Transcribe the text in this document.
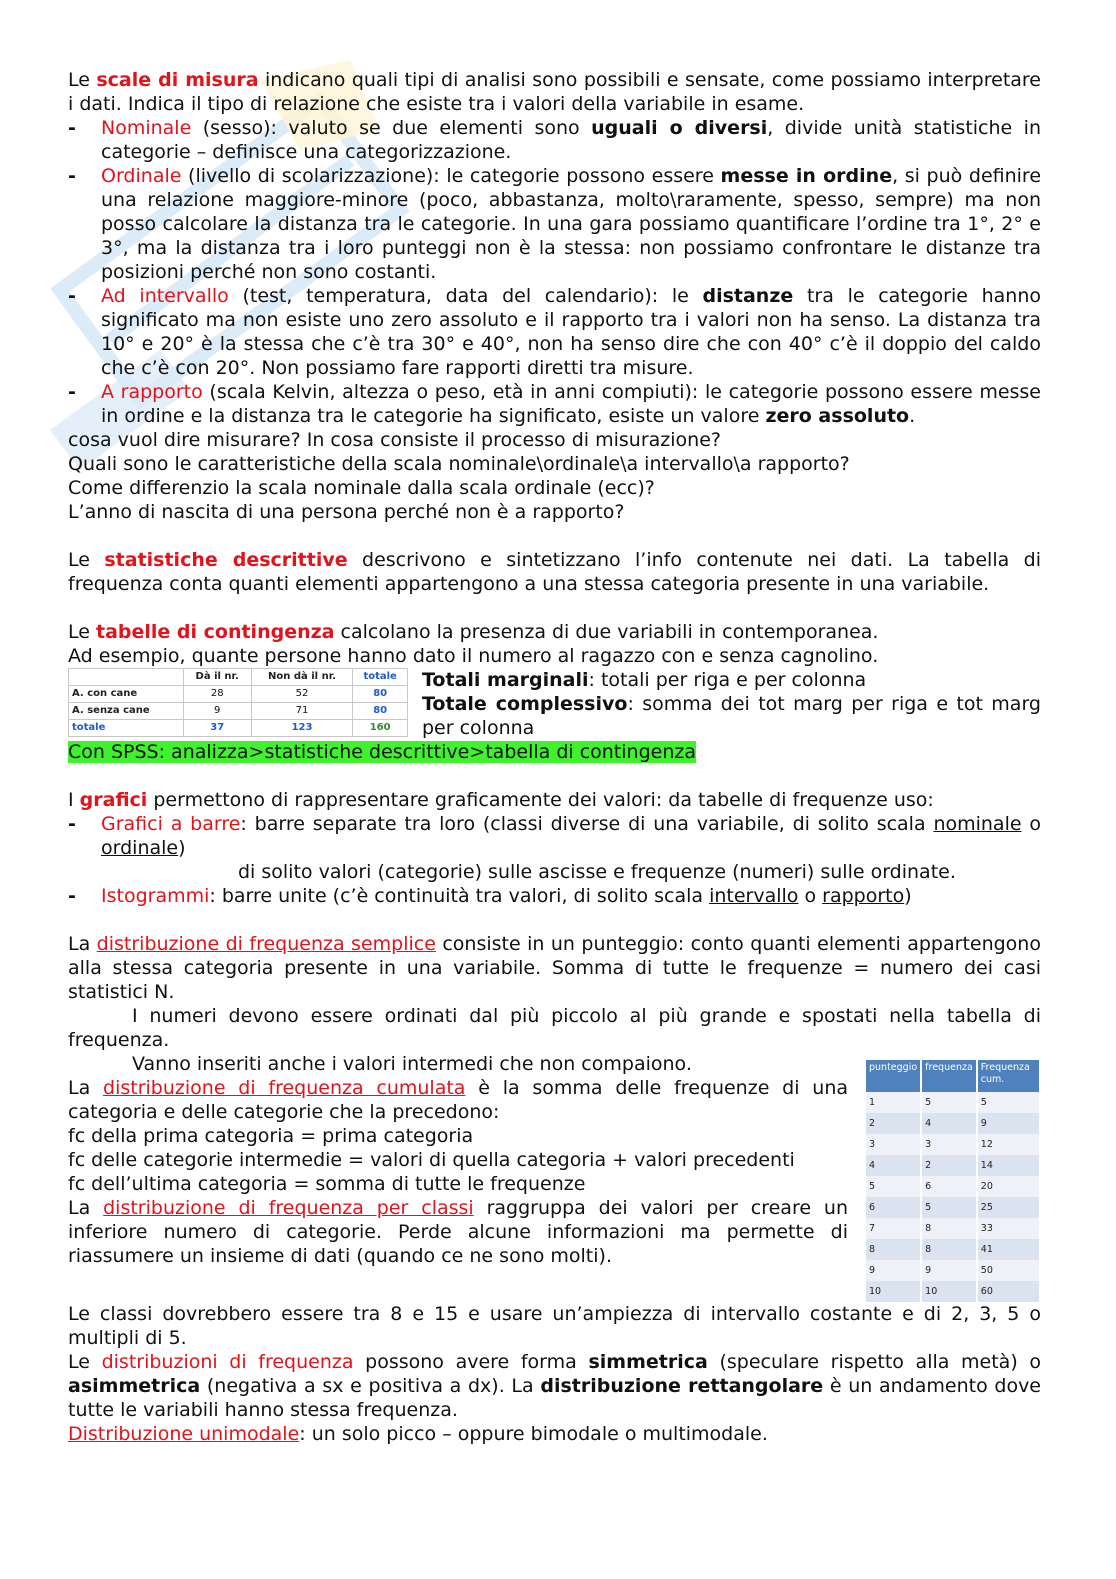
Le scale di misura indicano quali tipi di analisi sono possibili e sensate, come possiamo interpretare i dati. Indica il tipo di relazione che esiste tra i valori della variabile in esame.

-	Nominale (sesso): valuto se due elementi sono uguali o diversi, divide unità statistiche in categorie – definisce una categorizzazione.

-	Ordinale (livello di scolarizzazione): le categorie possono essere messe in ordine, si può definire una relazione maggiore-minore (poco, abbastanza, molto\raramente, spesso, sempre) ma non posso calcolare la distanza tra le categorie. In una gara possiamo quantificare l’ordine tra 1°, 2° e 3°, ma la distanza tra i loro punteggi non è la stessa: non possiamo confrontare le distanze tra posizioni perché non sono costanti.

-	Ad intervallo (test, temperatura, data del calendario): le distanze tra le categorie hanno significato ma non esiste uno zero assoluto e il rapporto tra i valori non ha senso. La distanza tra 10° e 20° è la stessa che c’è tra 30° e 40°, non ha senso dire che con 40° c’è il doppio del caldo che c’è con 20°. Non possiamo fare rapporti diretti tra misure.

-	A rapporto (scala Kelvin, altezza o peso, età in anni compiuti): le categorie possono essere messe in ordine e la distanza tra le categorie ha significato, esiste un valore zero assoluto.

cosa vuol dire misurare? In cosa consiste il processo di misurazione?

Quali sono le caratteristiche della scala nominale\ordinale\a intervallo\a rapporto?

Come differenzio la scala nominale dalla scala ordinale (ecc)?

L’anno di nascita di una persona perché non è a rapporto?

Le statistiche descrittive descrivono e sintetizzano l’info contenute nei dati. La tabella di frequenza conta quanti elementi appartengono a una stessa categoria presente in una variabile.

Le tabelle di contingenza calcolano la presenza di due variabili in contemporanea.

Ad esempio, quante persone hanno dato il numero al ragazzo con e senza cagnolino.

	Dà il nr.	Non dà il nr.	totale
A. con cane	28	52	80
A. senza cane	9	71	80
totale	37	123	160

Totali marginali: totali per riga e per colonna

Totale complessivo: somma dei tot marg per riga e tot marg per colonna

Con SPSS: analizza>statistiche descrittive>tabella di contingenza

I grafici permettono di rappresentare graficamente dei valori: da tabelle di frequenze uso:

-	Grafici a barre: barre separate tra loro (classi diverse di una variabile, di solito scala nominale o ordinale)

di solito valori (categorie) sulle ascisse e frequenze (numeri) sulle ordinate.

-	Istogrammi: barre unite (c’è continuità tra valori, di solito scala intervallo o rapporto)

La distribuzione di frequenza semplice consiste in un punteggio: conto quanti elementi appartengono alla stessa categoria presente in una variabile. Somma di tutte le frequenze = numero dei casi statistici N.

I numeri devono essere ordinati dal più piccolo al più grande e spostati nella tabella di frequenza.

punteggio	frequenza	Frequenza cum.
1	5	5
2	4	9
3	3	12
4	2	14
5	6	20
6	5	25
7	8	33
8	8	41
9	9	50
10	10	60

Vanno inseriti anche i valori intermedi che non compaiono.

La distribuzione di frequenza cumulata è la somma delle frequenze di una categoria e delle categorie che la precedono:

fc della prima categoria = prima categoria

fc delle categorie intermedie = valori di quella categoria + valori precedenti

fc dell’ultima categoria = somma di tutte le frequenze

La distribuzione di frequenza per classi raggruppa dei valori per creare un inferiore numero di categorie. Perde alcune informazioni ma permette di riassumere un insieme di dati (quando ce ne sono molti).

Le classi dovrebbero essere tra 8 e 15 e usare un’ampiezza di intervallo costante e di 2, 3, 5 o multipli di 5.

Le distribuzioni di frequenza possono avere forma simmetrica (speculare rispetto alla metà) o asimmetrica (negativa a sx e positiva a dx). La distribuzione rettangolare è un andamento dove tutte le variabili hanno stessa frequenza.

Distribuzione unimodale: un solo picco – oppure bimodale o multimodale.
